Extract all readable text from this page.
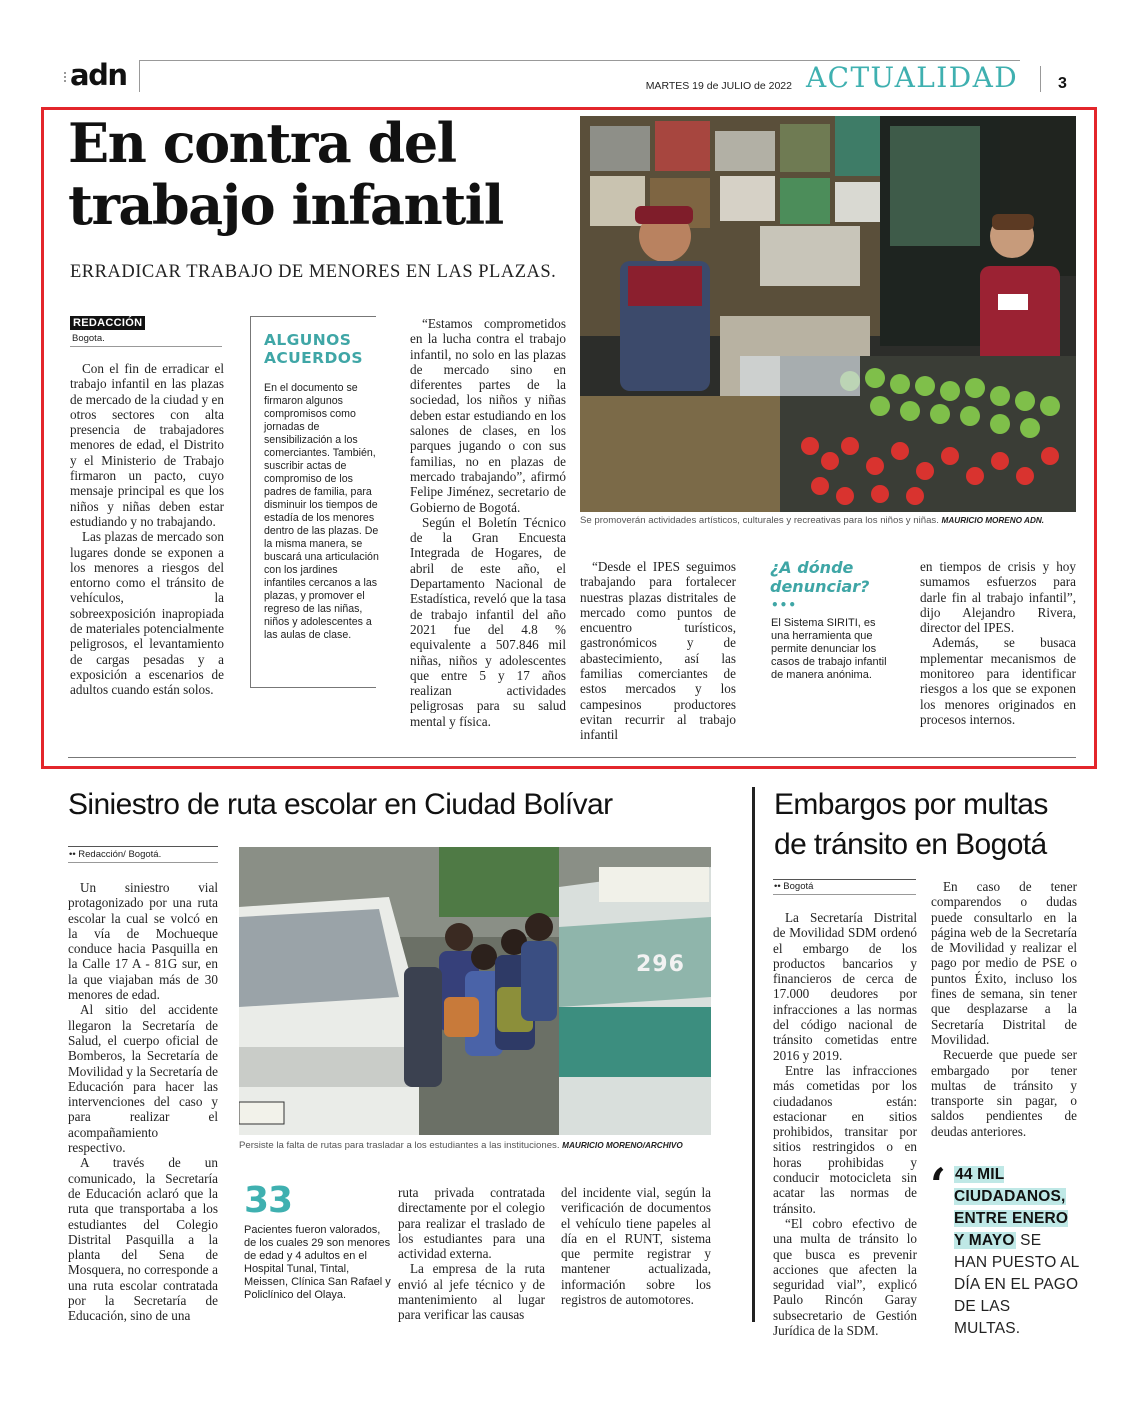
adn	MARTES 19 de JULIO de 2022 ACTUALIDAD 3
En contra del
trabajo infantil
ERRADICAR TRABAJO DE MENORES EN LAS PLAZAS.
REDACCIÓN
Bogota.

Con el fin de erradicar el trabajo infantil en las plazas de mercado de la ciudad y en otros sectores con alta presencia de trabajadores menores de edad, el Distrito y el Ministerio de Trabajo firmaron un pacto, cuyo mensaje principal es que los niños y niñas deben estar estudiando y no trabajando.

Las plazas de mercado son lugares donde se exponen a los menores a riesgos del entorno como el tránsito de vehículos, la sobreexposición inapropiada de materiales potencialmente peligrosos, el levantamiento de cargas pesadas y a exposición a escenarios de adultos cuando están solos.

ALGUNOS ACUERDOS
En el documento se firmaron algunos compromisos como jornadas de sensibilización a los comerciantes. También, suscribir actas de compromiso de los padres de familia, para disminuir los tiempos de estadía de los menores dentro de las plazas. De la misma manera, se buscará una articulación con los jardines infantiles cercanos a las plazas, y promover el regreso de las niñas, niños y adolescentes a las aulas de clase.

“Estamos comprometidos en la lucha contra el trabajo infantil, no solo en las plazas de mercado sino en diferentes partes de la sociedad, los niños y niñas deben estar estudiando en los salones de clases, en los parques jugando o con sus familias, no en plazas de mercado trabajando”, afirmó Felipe Jiménez, secretario de Gobierno de Bogotá.

Según el Boletín Técnico de la Gran Encuesta Integrada de Hogares, de abril de este año, el Departamento Nacional de Estadística, reveló que la tasa de trabajo infantil del año 2021 fue del 4.8 % equivalente a 507.846 mil niñas, niños y adolescentes que entre 5 y 17 años realizan actividades peligrosas para su salud mental y física.

Se promoverán actividades artísticos, culturales y recreativas para los niños y niñas. MAURICIO MORENO ADN.

“Desde el IPES seguimos trabajando para fortalecer nuestras plazas distritales de mercado como puntos de encuentro turísticos, gastronómicos y de abastecimiento, así las familias comerciantes de estos mercados y los campesinos productores evitan recurrir al trabajo infantil

¿A dónde denunciar?
•••
El Sistema SIRITI, es una herramienta que permite denunciar los casos de trabajo infantil de manera anónima.

en tiempos de crisis y hoy sumamos esfuerzos para darle fin al trabajo infantil”, dijo Alejandro Rivera, director del IPES.

Además, se busaca mplementar mecanismos de monitoreo para identificar riesgos a los que se exponen los menores originados en procesos internos.

Siniestro de ruta escolar en Ciudad Bolívar
•• Redacción/ Bogotá.

Un siniestro vial protagonizado por una ruta escolar la cual se volcó en la vía de Mochueque conduce hacia Pasquilla en la Calle 17 A - 81G sur, en la que viajaban más de 30 menores de edad.

Al sitio del accidente llegaron la Secretaría de Salud, el cuerpo oficial de Bomberos, la Secretaría de Movilidad y la Secretaría de Educación para hacer las intervenciones del caso y para realizar el acompañamiento respectivo.

A través de un comunicado, la Secretaría de Educación aclaró que la ruta que transportaba a los estudiantes del Colegio Distrital Pasquilla a la planta del Sena de Mosquera, no corresponde a una ruta escolar contratada por la Secretaría de Educación, sino de una

296
Persiste la falta de rutas para trasladar a los estudiantes a las instituciones. MAURICIO MORENO/ARCHIVO
33
Pacientes fueron valorados, de los cuales 29 son menores de edad y 4 adultos en el Hospital Tunal, Tintal, Meissen, Clínica San Rafael y Policlínico del Olaya.

ruta privada contratada directamente por el colegio para realizar el traslado de los estudiantes para una actividad externa.

La empresa de la ruta envió al jefe técnico y de mantenimiento al lugar para verificar las causas

del incidente vial, según la verificación de documentos el vehículo tiene papeles al día en el RUNT, sistema que permite registrar y mantener actualizada, información sobre los registros de automotores.

Embargos por multas
de tránsito en Bogotá
•• Bogotá

La Secretaría Distrital de Movilidad SDM ordenó el embargo de los productos bancarios y financieros de cerca de 17.000 deudores por infracciones a las normas del código nacional de tránsito cometidas entre 2016 y 2019.

Entre las infracciones más cometidas por los ciudadanos están: estacionar en sitios prohibidos, transitar por sitios restringidos o en horas prohibidas y conducir motocicleta sin acatar las normas de tránsito.

“El cobro efectivo de una multa de tránsito lo que busca es prevenir acciones que afecten la seguridad vial”, explicó Paulo Rincón Garay subsecretario de Gestión Jurídica de la SDM.

En caso de tener comparendos o dudas puede consultarlo en la página web de la Secretaría de Movilidad y realizar el pago por medio de PSE o puntos Éxito, incluso los fines de semana, sin tener que desplazarse a la Secretaría Distrital de Movilidad.

Recuerde que puede ser embargado por tener multas de tránsito y transporte sin pagar, o saldos pendientes de deudas anteriores.

‘ 44 MIL CIUDADANOS, ENTRE ENERO Y MAYO SE HAN PUESTO AL DÍA EN EL PAGO DE LAS MULTAS.
